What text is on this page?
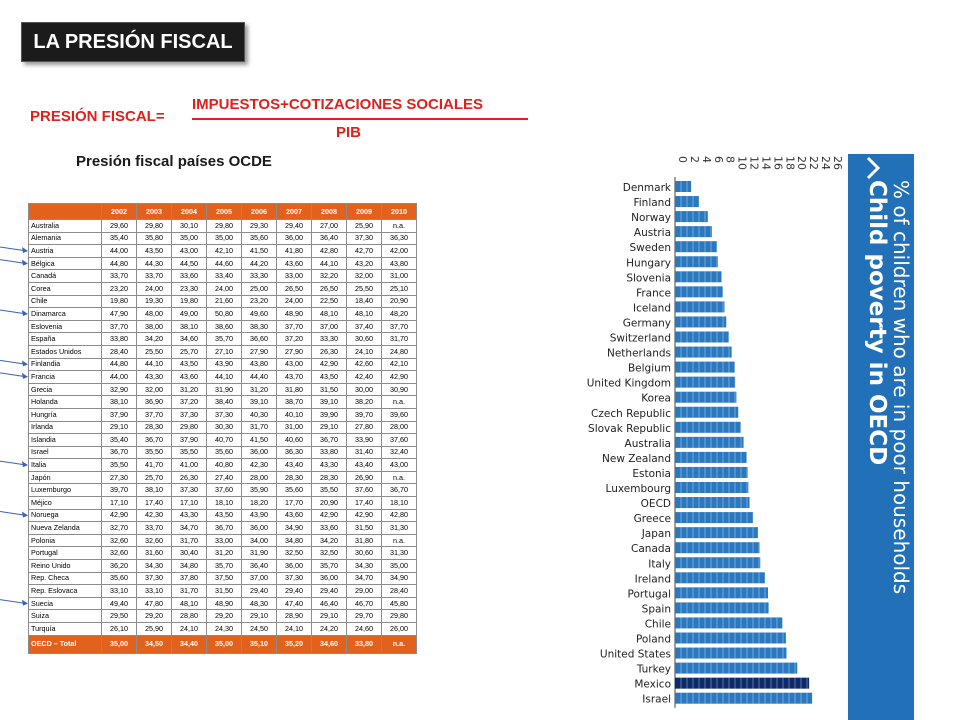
LA PRESIÓN FISCAL
PRESIÓN FISCAL=
IMPUESTOS+COTIZACIONES SOCIALES
PIB
Presión fiscal países OCDE
	2002	2003	2004	2005	2006	2007	2008	2009	2010
Australia	29,60	29,80	30,10	29,80	29,30	29,40	27,00	25,90	n.a.
Alemania	35,40	35,80	35,00	35,00	35,60	36,00	36,40	37,30	36,30
Austria	44,00	43,50	43,00	42,10	41,50	41,80	42,80	42,70	42,00
Bélgica	44,80	44,30	44,50	44,60	44,20	43,60	44,10	43,20	43,80
Canadá	33,70	33,70	33,60	33,40	33,30	33,00	32,20	32,00	31,00
Corea	23,20	24,00	23,30	24,00	25,00	26,50	26,50	25,50	25,10
Chile	19,80	19,30	19,80	21,60	23,20	24,00	22,50	18,40	20,90
Dinamarca	47,90	48,00	49,00	50,80	49,60	48,90	48,10	48,10	48,20
Eslovenia	37,70	38,00	38,10	38,60	38,30	37,70	37,00	37,40	37,70
España	33,80	34,20	34,60	35,70	36,60	37,20	33,30	30,60	31,70
Estados Unidos	28,40	25,50	25,70	27,10	27,90	27,90	26,30	24,10	24,80
Finlandia	44,80	44,10	43,50	43,90	43,80	43,00	42,90	42,60	42,10
Francia	44,00	43,30	43,60	44,10	44,40	43,70	43,50	42,40	42,90
Grecia	32,90	32,00	31,20	31,90	31,20	31,80	31,50	30,00	30,90
Holanda	38,10	36,90	37,20	38,40	39,10	38,70	39,10	38,20	n.a.
Hungría	37,90	37,70	37,30	37,30	40,30	40,10	39,90	39,70	39,60
Irlanda	29,10	28,30	29,80	30,30	31,70	31,00	29,10	27,80	28,00
Islandia	35,40	36,70	37,90	40,70	41,50	40,60	36,70	33,90	37,60
Israel	36,70	35,50	35,50	35,60	36,00	36,30	33,80	31,40	32,40
Italia	35,50	41,70	41,00	40,80	42,30	43,40	43,30	43,40	43,00
Japón	27,30	25,70	26,30	27,40	28,00	28,30	28,30	26,90	n.a.
Luxemburgo	39,70	38,10	37,30	37,60	35,90	35,60	35,50	37,60	36,70
Méjico	17,10	17,40	17,10	18,10	18,20	17,70	20,90	17,40	18,10
Noruega	42,90	42,30	43,30	43,50	43,90	43,60	42,90	42,90	42,80
Nueva Zelanda	32,70	33,70	34,70	36,70	36,00	34,90	33,60	31,50	31,30
Polonia	32,60	32,60	31,70	33,00	34,00	34,80	34,20	31,80	n.a.
Portugal	32,60	31,60	30,40	31,20	31,90	32,50	32,50	30,60	31,30
Reino Unido	36,20	34,30	34,80	35,70	36,40	36,00	35,70	34,30	35,00
Rep. Checa	35,60	37,30	37,80	37,50	37,00	37,30	36,00	34,70	34,90
Rep. Eslovaca	33,10	33,10	31,70	31,50	29,40	29,40	29,40	29,00	28,40
Suecia	49,40	47,80	48,10	48,90	48,30	47,40	46,40	46,70	45,80
Suiza	29,50	29,20	28,80	29,20	29,10	28,90	29,10	29,70	29,80
Turquía	26,10	25,90	24,10	24,30	24,50	24,10	24,20	24,60	26,00
OECD – Total	35,00	34,50	34,40	35,00	35,10	35,20	34,60	33,80	n.a.
Child poverty in OECD % of children who are in poor households
0
2
4
6
8
10
12
14
16
18
20
22
24
26
Denmark
Finland
Norway
Austria
Sweden
Hungary
Slovenia
France
Iceland
Germany
Switzerland
Netherlands
Belgium
United Kingdom
Korea
Czech Republic
Slovak Republic
Australia
New Zealand
Estonia
Luxembourg
OECD
Greece
Japan
Canada
Italy
Ireland
Portugal
Spain
Chile
Poland
United States
Turkey
Mexico
Israel
